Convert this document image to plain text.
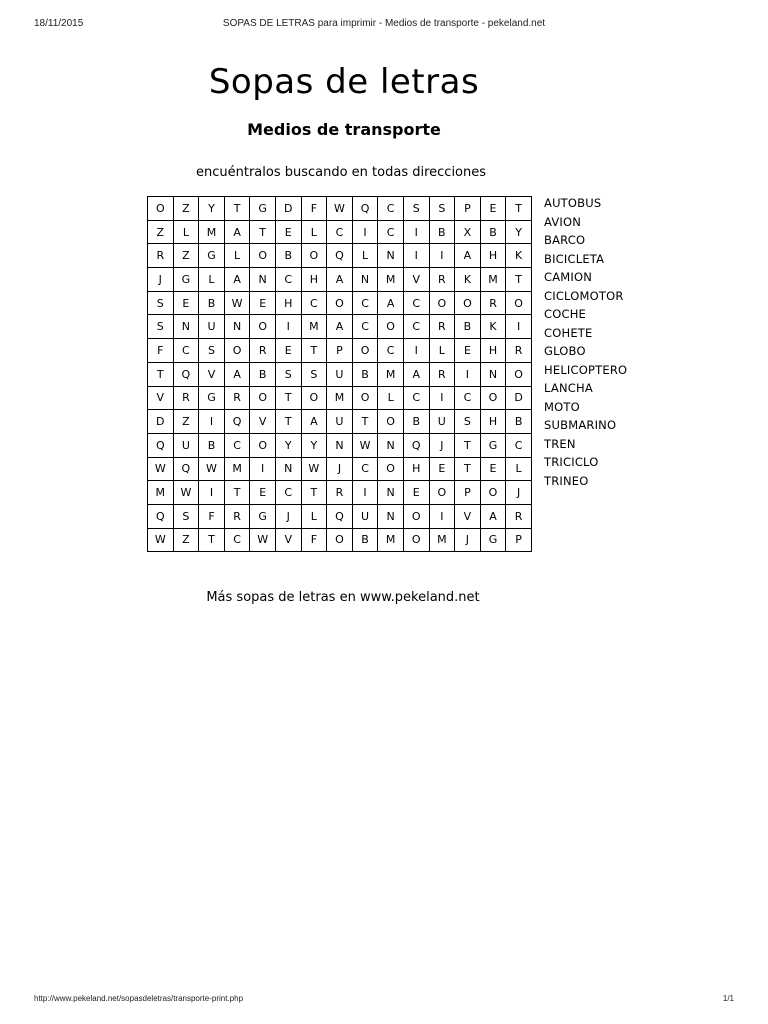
18/11/2015	SOPAS DE LETRAS para imprimir - Medios de transporte - pekeland.net
Sopas de letras
Medios de transporte
encuéntralos buscando en todas direcciones
O	Z	Y	T	G	D	F	W	Q	C	S	S	P	E	T
Z	L	M	A	T	E	L	C	I	C	I	B	X	B	Y
R	Z	G	L	O	B	O	Q	L	N	I	I	A	H	K
J	G	L	A	N	C	H	A	N	M	V	R	K	M	T
S	E	B	W	E	H	C	O	C	A	C	O	O	R	O
S	N	U	N	O	I	M	A	C	O	C	R	B	K	I
F	C	S	O	R	E	T	P	O	C	I	L	E	H	R
T	Q	V	A	B	S	S	U	B	M	A	R	I	N	O
V	R	G	R	O	T	O	M	O	L	C	I	C	O	D
D	Z	I	Q	V	T	A	U	T	O	B	U	S	H	B
Q	U	B	C	O	Y	Y	N	W	N	Q	J	T	G	C
W	Q	W	M	I	N	W	J	C	O	H	E	T	E	L
M	W	I	T	E	C	T	R	I	N	E	O	P	O	J
Q	S	F	R	G	J	L	Q	U	N	O	I	V	A	R
W	Z	T	C	W	V	F	O	B	M	O	M	J	G	P
AUTOBUS
AVION
BARCO
BICICLETA
CAMION
CICLOMOTOR
COCHE
COHETE
GLOBO
HELICOPTERO
LANCHA
MOTO
SUBMARINO
TREN
TRICICLO
TRINEO
Más sopas de letras en www.pekeland.net
http://www.pekeland.net/sopasdeletras/transporte-print.php	1/1
